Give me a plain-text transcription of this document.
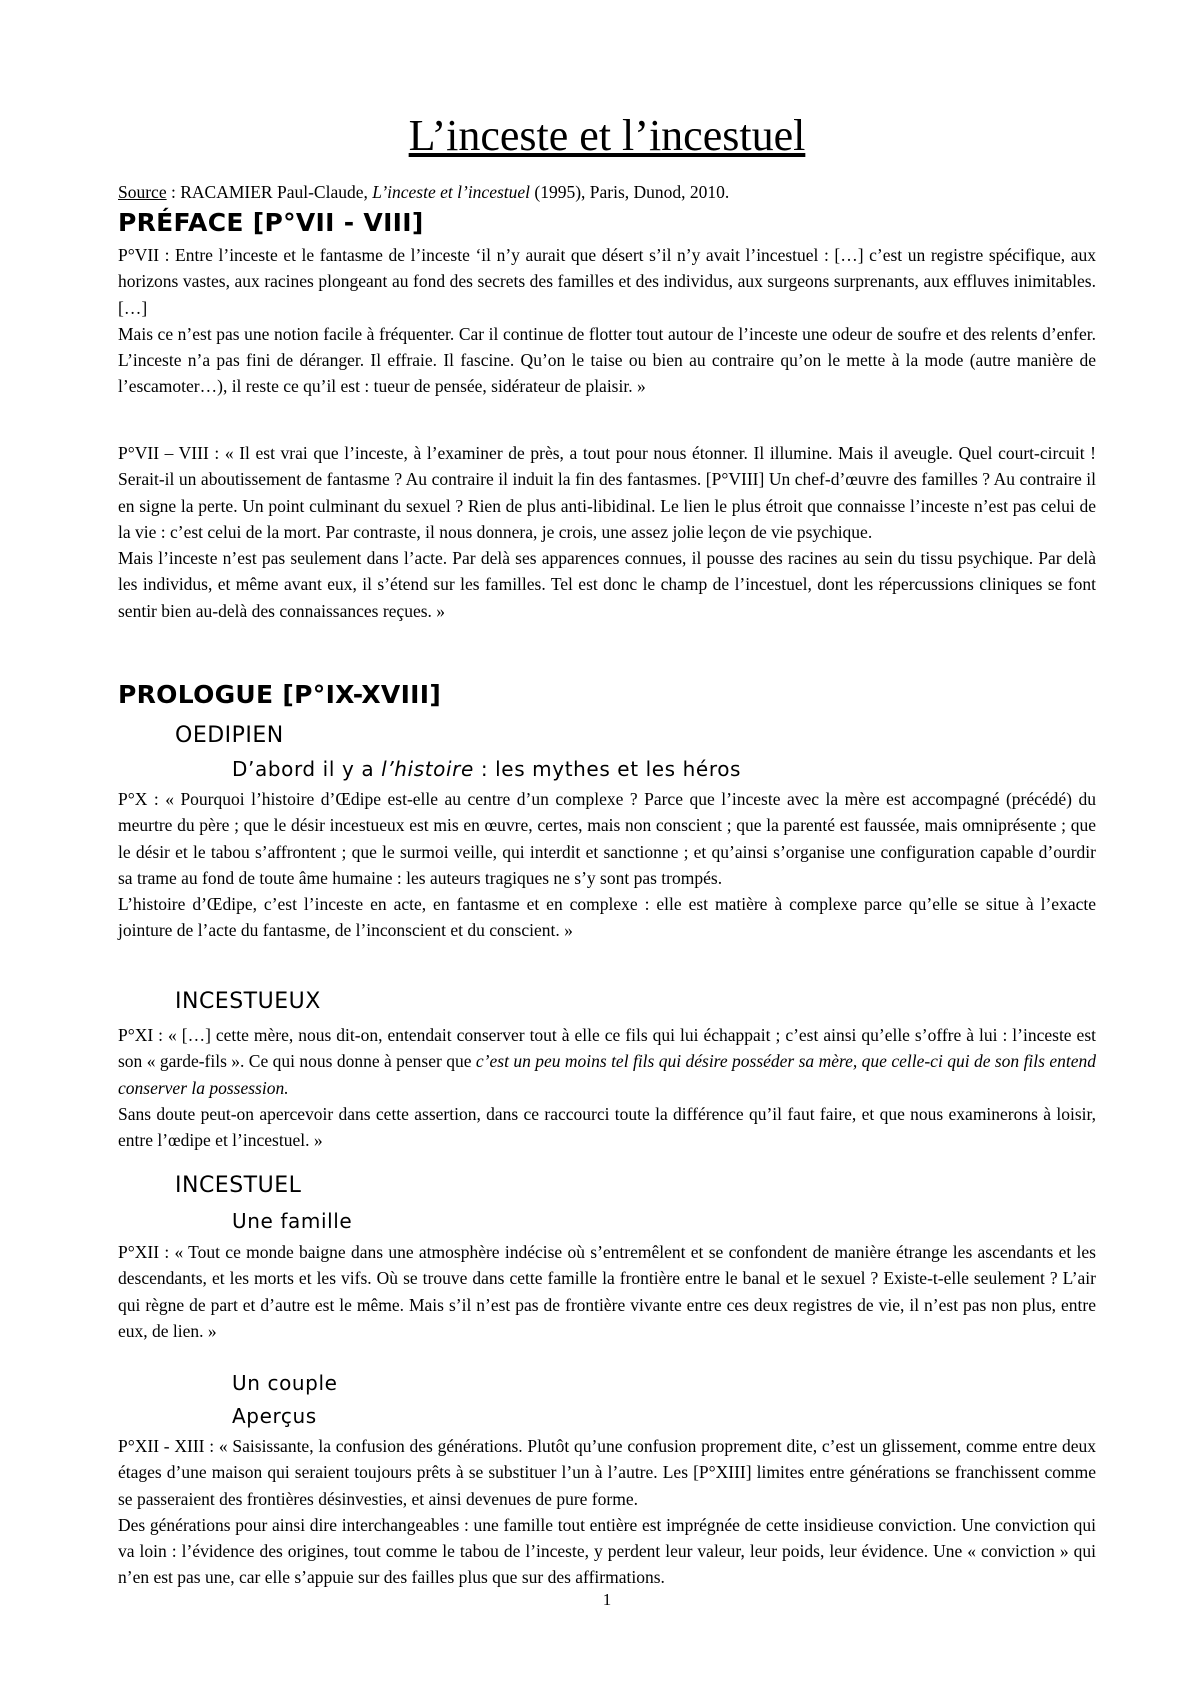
L’inceste et l’incestuel
Source : RACAMIER Paul-Claude, L’inceste et l’incestuel (1995), Paris, Dunod, 2010.
PRÉFACE [P°VII - VIII]

P°VII : Entre l’inceste et le fantasme de l’inceste ‘il n’y aurait que désert s’il n’y avait l’incestuel : […] c’est un registre spécifique, aux horizons vastes, aux racines plongeant au fond des secrets des familles et des individus, aux surgeons surprenants, aux effluves inimitables. […]

Mais ce n’est pas une notion facile à fréquenter. Car il continue de flotter tout autour de l’inceste une odeur de soufre et des relents d’enfer. L’inceste n’a pas fini de déranger. Il effraie. Il fascine. Qu’on le taise ou bien au contraire qu’on le mette à la mode (autre manière de l’escamoter…), il reste ce qu’il est : tueur de pensée, sidérateur de plaisir. »

P°VII – VIII : « Il est vrai que l’inceste, à l’examiner de près, a tout pour nous étonner. Il illumine. Mais il aveugle. Quel court-circuit ! Serait-il un aboutissement de fantasme ? Au contraire il induit la fin des fantasmes. [P°VIII] Un chef-d’œuvre des familles ? Au contraire il en signe la perte. Un point culminant du sexuel ? Rien de plus anti-libidinal. Le lien le plus étroit que connaisse l’inceste n’est pas celui de la vie : c’est celui de la mort. Par contraste, il nous donnera, je crois, une assez jolie leçon de vie psychique.

Mais l’inceste n’est pas seulement dans l’acte. Par delà ses apparences connues, il pousse des racines au sein du tissu psychique. Par delà les individus, et même avant eux, il s’étend sur les familles. Tel est donc le champ de l’incestuel, dont les répercussions cliniques se font sentir bien au-delà des connaissances reçues. »

PROLOGUE [P°IX-XVIII]
OEDIPIEN
D’abord il y a l’histoire : les mythes et les héros

P°X : « Pourquoi l’histoire d’Œdipe est-elle au centre d’un complexe ? Parce que l’inceste avec la mère est accompagné (précédé) du meurtre du père ; que le désir incestueux est mis en œuvre, certes, mais non conscient ; que la parenté est faussée, mais omniprésente ; que le désir et le tabou s’affrontent ; que le surmoi veille, qui interdit et sanctionne ; et qu’ainsi s’organise une configuration capable d’ourdir sa trame au fond de toute âme humaine : les auteurs tragiques ne s’y sont pas trompés.

L’histoire d’Œdipe, c’est l’inceste en acte, en fantasme et en complexe : elle est matière à complexe parce qu’elle se situe à l’exacte jointure de l’acte du fantasme, de l’inconscient et du conscient. »

INCESTUEUX

P°XI : « […] cette mère, nous dit-on, entendait conserver tout à elle ce fils qui lui échappait ; c’est ainsi qu’elle s’offre à lui : l’inceste est son « garde-fils ». Ce qui nous donne à penser que c’est un peu moins tel fils qui désire posséder sa mère, que celle-ci qui de son fils entend conserver la possession.

Sans doute peut-on apercevoir dans cette assertion, dans ce raccourci toute la différence qu’il faut faire, et que nous examinerons à loisir, entre l’œdipe et l’incestuel. »

INCESTUEL
Une famille

P°XII : « Tout ce monde baigne dans une atmosphère indécise où s’entremêlent et se confondent de manière étrange les ascendants et les descendants, et les morts et les vifs. Où se trouve dans cette famille la frontière entre le banal et le sexuel ? Existe-t-elle seulement ? L’air qui règne de part et d’autre est le même. Mais s’il n’est pas de frontière vivante entre ces deux registres de vie, il n’est pas non plus, entre eux, de lien. »

Un couple
Aperçus

P°XII - XIII : « Saisissante, la confusion des générations. Plutôt qu’une confusion proprement dite, c’est un glissement, comme entre deux étages d’une maison qui seraient toujours prêts à se substituer l’un à l’autre. Les [P°XIII] limites entre générations se franchissent comme se passeraient des frontières désinvesties, et ainsi devenues de pure forme.

Des générations pour ainsi dire interchangeables : une famille tout entière est imprégnée de cette insidieuse conviction. Une conviction qui va loin : l’évidence des origines, tout comme le tabou de l’inceste, y perdent leur valeur, leur poids, leur évidence. Une « conviction » qui n’en est pas une, car elle s’appuie sur des failles plus que sur des affirmations.

1
